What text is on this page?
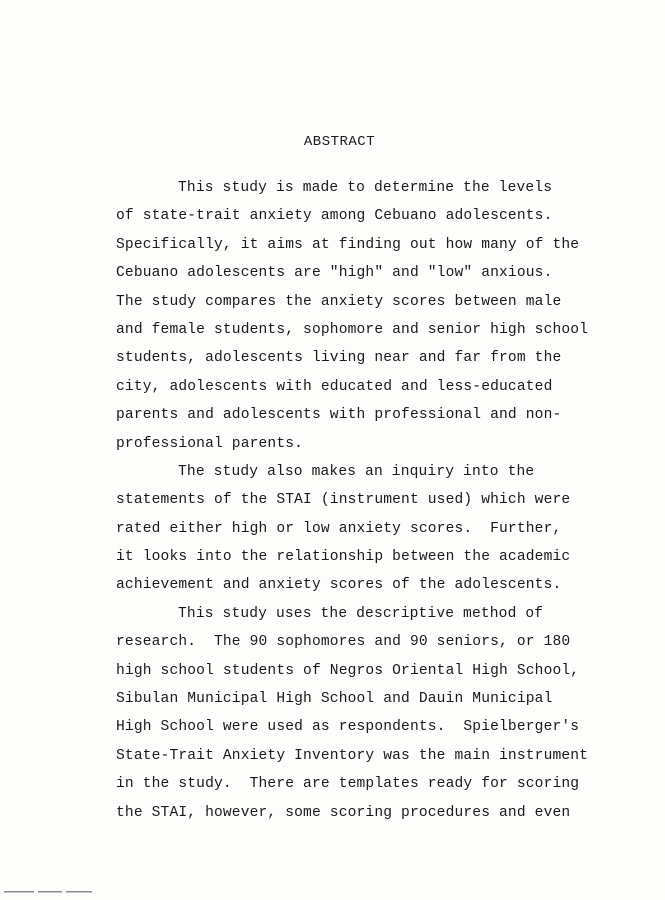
ABSTRACT
This study is made to determine the levels
of state-trait anxiety among Cebuano adolescents.
Specifically, it aims at finding out how many of the
Cebuano adolescents are "high" and "low" anxious.
The study compares the anxiety scores between male
and female students, sophomore and senior high school
students, adolescents living near and far from the
city, adolescents with educated and less-educated
parents and adolescents with professional and non-
professional parents.
The study also makes an inquiry into the
statements of the STAI (instrument used) which were
rated either high or low anxiety scores.  Further,
it looks into the relationship between the academic
achievement and anxiety scores of the adolescents.
This study uses the descriptive method of
research.  The 90 sophomores and 90 seniors, or 180
high school students of Negros Oriental High School,
Sibulan Municipal High School and Dauin Municipal
High School were used as respondents.  Spielberger's
State-Trait Anxiety Inventory was the main instrument
in the study.  There are templates ready for scoring
the STAI, however, some scoring procedures and even
